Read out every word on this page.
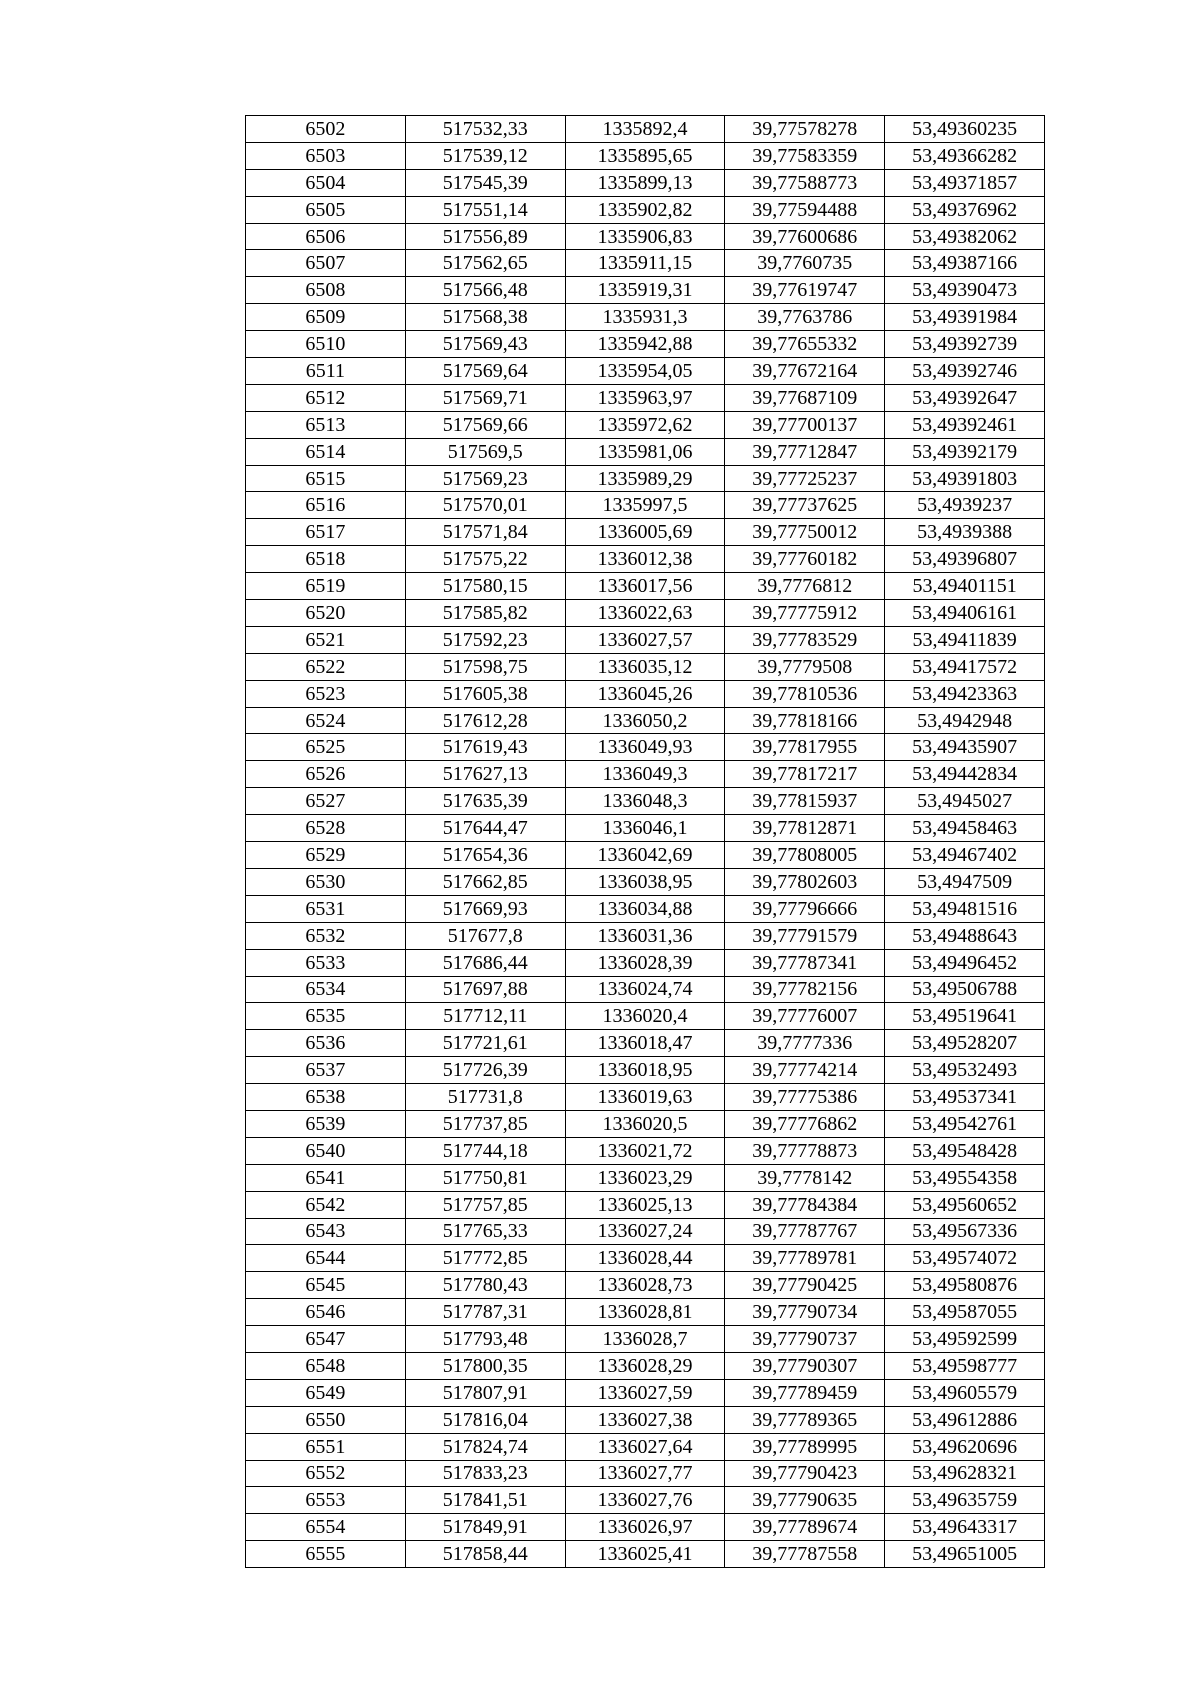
6502	517532,33	1335892,4	39,77578278	53,49360235
6503	517539,12	1335895,65	39,77583359	53,49366282
6504	517545,39	1335899,13	39,77588773	53,49371857
6505	517551,14	1335902,82	39,77594488	53,49376962
6506	517556,89	1335906,83	39,77600686	53,49382062
6507	517562,65	1335911,15	39,7760735	53,49387166
6508	517566,48	1335919,31	39,77619747	53,49390473
6509	517568,38	1335931,3	39,7763786	53,49391984
6510	517569,43	1335942,88	39,77655332	53,49392739
6511	517569,64	1335954,05	39,77672164	53,49392746
6512	517569,71	1335963,97	39,77687109	53,49392647
6513	517569,66	1335972,62	39,77700137	53,49392461
6514	517569,5	1335981,06	39,77712847	53,49392179
6515	517569,23	1335989,29	39,77725237	53,49391803
6516	517570,01	1335997,5	39,77737625	53,4939237
6517	517571,84	1336005,69	39,77750012	53,4939388
6518	517575,22	1336012,38	39,77760182	53,49396807
6519	517580,15	1336017,56	39,7776812	53,49401151
6520	517585,82	1336022,63	39,77775912	53,49406161
6521	517592,23	1336027,57	39,77783529	53,49411839
6522	517598,75	1336035,12	39,7779508	53,49417572
6523	517605,38	1336045,26	39,77810536	53,49423363
6524	517612,28	1336050,2	39,77818166	53,4942948
6525	517619,43	1336049,93	39,77817955	53,49435907
6526	517627,13	1336049,3	39,77817217	53,49442834
6527	517635,39	1336048,3	39,77815937	53,4945027
6528	517644,47	1336046,1	39,77812871	53,49458463
6529	517654,36	1336042,69	39,77808005	53,49467402
6530	517662,85	1336038,95	39,77802603	53,4947509
6531	517669,93	1336034,88	39,77796666	53,49481516
6532	517677,8	1336031,36	39,77791579	53,49488643
6533	517686,44	1336028,39	39,77787341	53,49496452
6534	517697,88	1336024,74	39,77782156	53,49506788
6535	517712,11	1336020,4	39,77776007	53,49519641
6536	517721,61	1336018,47	39,7777336	53,49528207
6537	517726,39	1336018,95	39,77774214	53,49532493
6538	517731,8	1336019,63	39,77775386	53,49537341
6539	517737,85	1336020,5	39,77776862	53,49542761
6540	517744,18	1336021,72	39,77778873	53,49548428
6541	517750,81	1336023,29	39,7778142	53,49554358
6542	517757,85	1336025,13	39,77784384	53,49560652
6543	517765,33	1336027,24	39,77787767	53,49567336
6544	517772,85	1336028,44	39,77789781	53,49574072
6545	517780,43	1336028,73	39,77790425	53,49580876
6546	517787,31	1336028,81	39,77790734	53,49587055
6547	517793,48	1336028,7	39,77790737	53,49592599
6548	517800,35	1336028,29	39,77790307	53,49598777
6549	517807,91	1336027,59	39,77789459	53,49605579
6550	517816,04	1336027,38	39,77789365	53,49612886
6551	517824,74	1336027,64	39,77789995	53,49620696
6552	517833,23	1336027,77	39,77790423	53,49628321
6553	517841,51	1336027,76	39,77790635	53,49635759
6554	517849,91	1336026,97	39,77789674	53,49643317
6555	517858,44	1336025,41	39,77787558	53,49651005
